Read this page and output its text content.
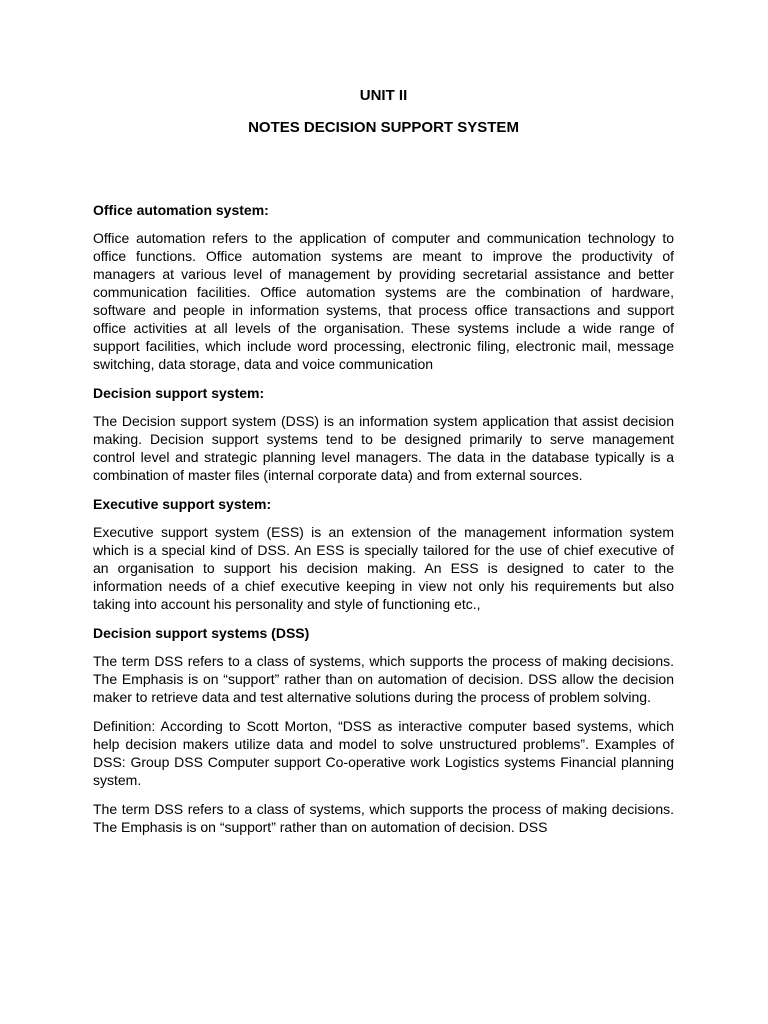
UNIT II
NOTES DECISION SUPPORT SYSTEM
Office automation system:

Office automation refers to the application of computer and communication technology to office functions. Office automation systems are meant to improve the productivity of managers at various level of management by providing secretarial assistance and better communication facilities. Office automation systems are the combination of hardware, software and people in information systems, that process office transactions and support office activities at all levels of the organisation. These systems include a wide range of support facilities, which include word processing, electronic filing, electronic mail, message switching, data storage, data and voice communication

Decision support system:

The Decision support system (DSS) is an information system application that assist decision making. Decision support systems tend to be designed primarily to serve management control level and strategic planning level managers. The data in the database typically is a combination of master files (internal corporate data) and from external sources.

Executive support system:

Executive support system (ESS) is an extension of the management information system which is a special kind of DSS. An ESS is specially tailored for the use of chief executive of an organisation to support his decision making. An ESS is designed to cater to the information needs of a chief executive keeping in view not only his requirements but also taking into account his personality and style of functioning etc.,

Decision support systems (DSS)

The term DSS refers to a class of systems, which supports the process of making decisions. The Emphasis is on “support” rather than on automation of decision. DSS allow the decision maker to retrieve data and test alternative solutions during the process of problem solving.

Definition: According to Scott Morton, “DSS as interactive computer based systems, which help decision makers utilize data and model to solve unstructured problems”. Examples of DSS: Group DSS Computer support Co-operative work Logistics systems Financial planning system.

The term DSS refers to a class of systems, which supports the process of making decisions. The Emphasis is on “support” rather than on automation of decision. DSS
